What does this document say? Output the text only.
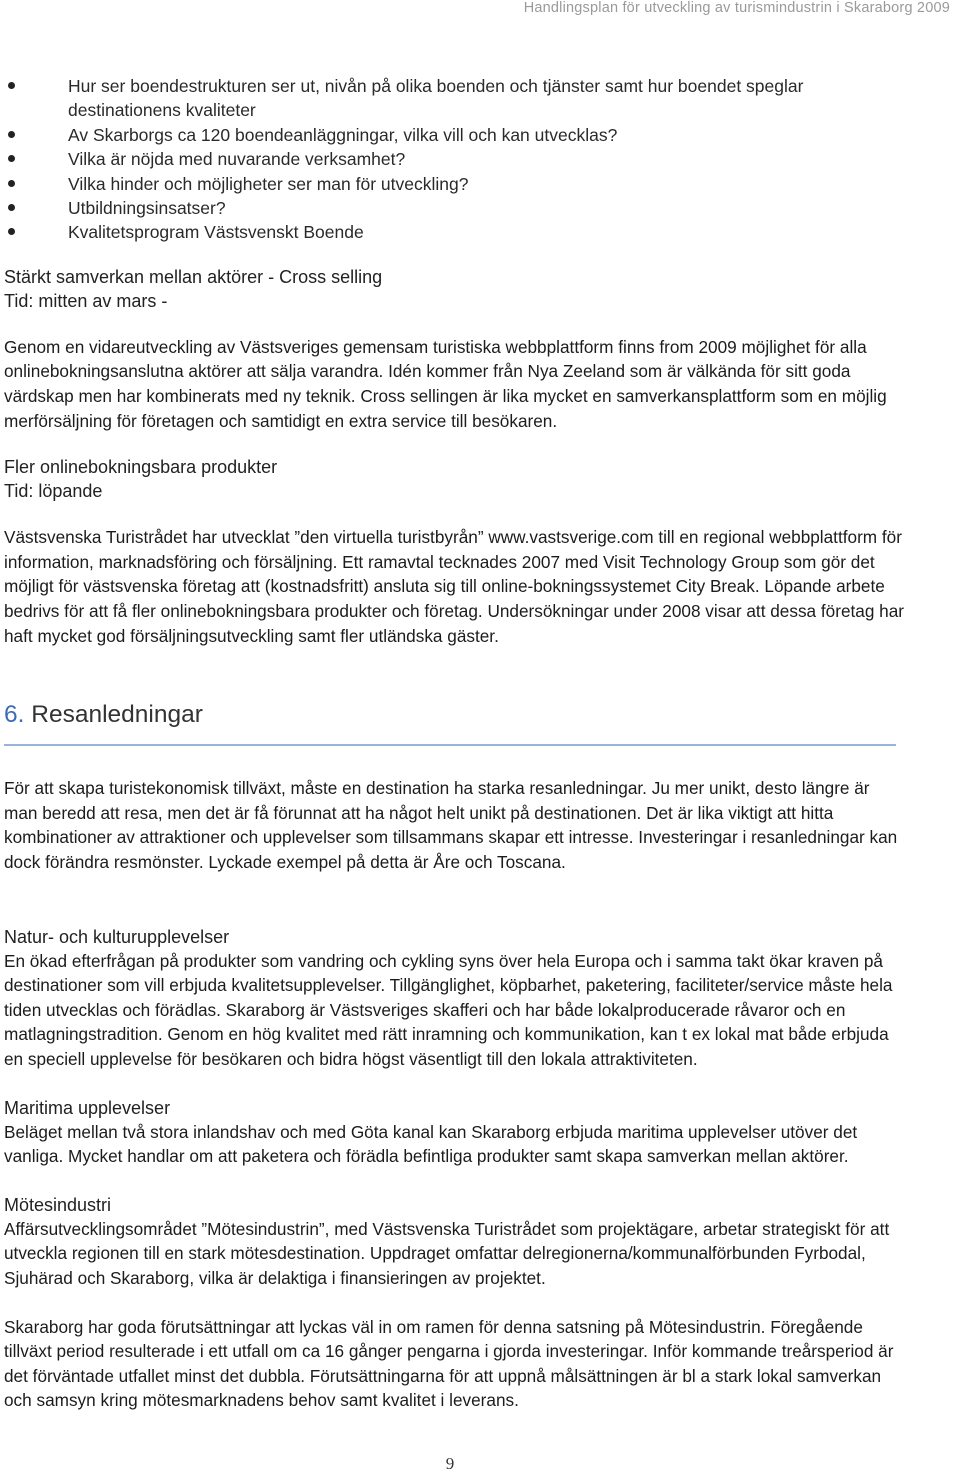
Handlingsplan för utveckling av turismindustrin i Skaraborg 2009
Hur ser boendestrukturen ser ut, nivån på olika boenden och tjänster samt hur boendet speglar destinationens kvaliteter
Av Skarborgs ca 120 boendeanläggningar, vilka vill och kan utvecklas?
Vilka är nöjda med nuvarande verksamhet?
Vilka hinder och möjligheter ser man för utveckling?
Utbildningsinsatser?
Kvalitetsprogram Västsvenskt Boende
Stärkt samverkan mellan aktörer - Cross selling
Tid: mitten av mars -

Genom en vidareutveckling av Västsveriges gemensam turistiska webbplattform finns from 2009 möjlighet för alla onlinebokningsanslutna aktörer att sälja varandra. Idén kommer från Nya Zeeland som är välkända för sitt goda värdskap men har kombinerats med ny teknik. Cross sellingen är lika mycket en samverkansplattform som en möjlig merförsäljning för företagen och samtidigt en extra service till besökaren.

Fler onlinebokningsbara produkter
Tid: löpande

Västsvenska Turistrådet har utvecklat ”den virtuella turistbyrån” www.vastsverige.com till en regional webbplattform för information, marknadsföring och försäljning. Ett ramavtal tecknades 2007 med Visit Technology Group som gör det möjligt för västsvenska företag att (kostnadsfritt) ansluta sig till online-bokningssystemet City Break. Löpande arbete bedrivs för att få fler onlinebokningsbara produkter och företag. Undersökningar under 2008 visar att dessa företag har haft mycket god försäljningsutveckling samt fler utländska gäster.

6. Resanledningar

För att skapa turistekonomisk tillväxt, måste en destination ha starka resanledningar. Ju mer unikt, desto längre är man beredd att resa, men det är få förunnat att ha något helt unikt på destinationen. Det är lika viktigt att hitta kombinationer av attraktioner och upplevelser som tillsammans skapar ett intresse. Investeringar i resanledningar kan dock förändra resmönster. Lyckade exempel på detta är Åre och Toscana.

Natur- och kulturupplevelser

En ökad efterfrågan på produkter som vandring och cykling syns över hela Europa och i samma takt ökar kraven på destinationer som vill erbjuda kvalitetsupplevelser. Tillgänglighet, köpbarhet, paketering, faciliteter/service måste hela tiden utvecklas och förädlas. Skaraborg är Västsveriges skafferi och har både lokalproducerade råvaror och en matlagningstradition. Genom en hög kvalitet med rätt inramning och kommunikation, kan t ex lokal mat både erbjuda en speciell upplevelse för besökaren och bidra högst väsentligt till den lokala attraktiviteten.

Maritima upplevelser

Beläget mellan två stora inlandshav och med Göta kanal kan Skaraborg erbjuda maritima upplevelser utöver det vanliga. Mycket handlar om att paketera och förädla befintliga produkter samt skapa samverkan mellan aktörer.

Mötesindustri

Affärsutvecklingsområdet ”Mötesindustrin”, med Västsvenska Turistrådet som projektägare, arbetar strategiskt för att utveckla regionen till en stark mötesdestination. Uppdraget omfattar delregionerna/kommunalförbunden Fyrbodal, Sjuhärad och Skaraborg, vilka är delaktiga i finansieringen av projektet.

Skaraborg har goda förutsättningar att lyckas väl in om ramen för denna satsning på Mötesindustrin. Föregående tillväxt period resulterade i ett utfall om ca 16 gånger pengarna i gjorda investeringar. Inför kommande treårsperiod är det förväntade utfallet minst det dubbla. Förutsättningarna för att uppnå målsättningen är bl a stark lokal samverkan och samsyn kring mötesmarknadens behov samt kvalitet i leverans.

9
